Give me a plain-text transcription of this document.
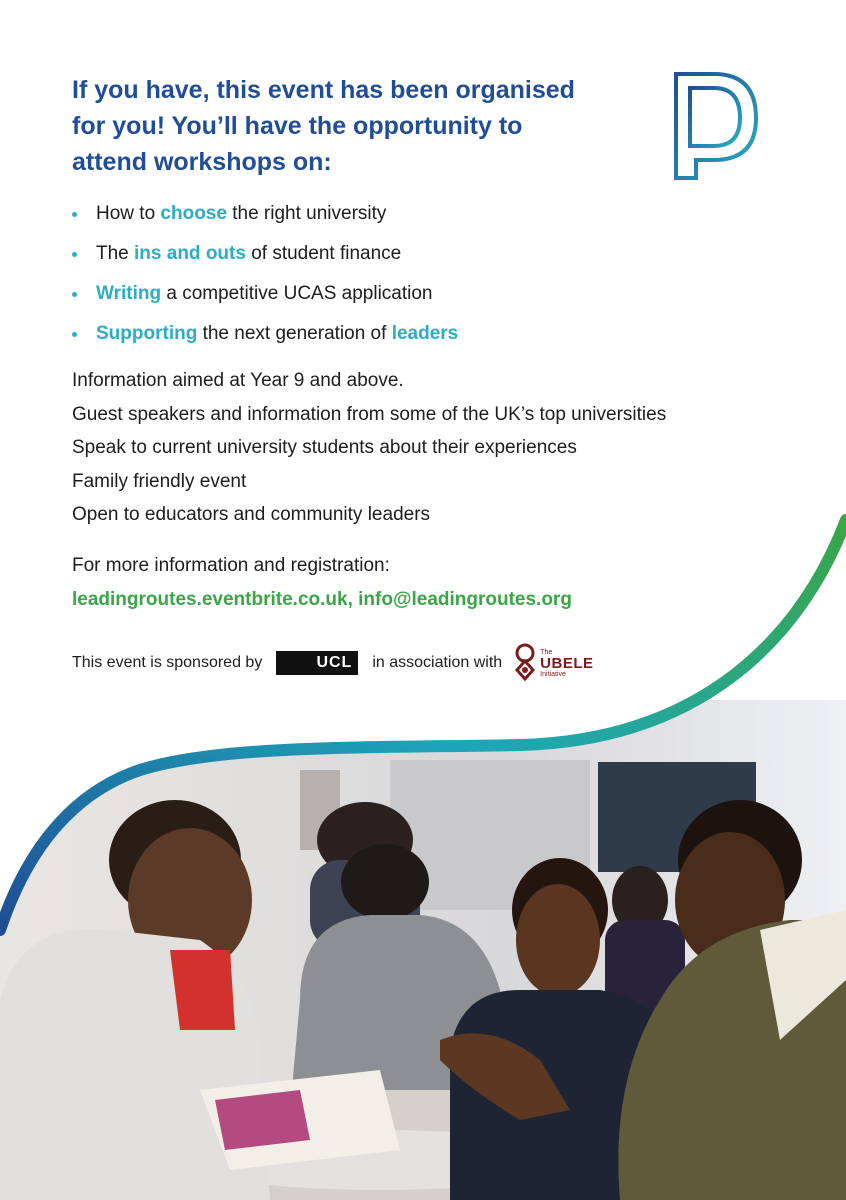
If you have, this event has been organised for you! You’ll have the opportunity to attend workshops on:
How to choose the right university
The ins and outs of student finance
Writing a competitive UCAS application
Supporting the next generation of leaders
Information aimed at Year 9 and above.
Guest speakers and information from some of the UK’s top universities
Speak to current university students about their experiences
Family friendly event
Open to educators and community leaders
For more information and registration:
leadingroutes.eventbrite.co.uk, info@leadingroutes.org
This event is sponsored by	UCL	in association with
The
UBELE
Initiative
